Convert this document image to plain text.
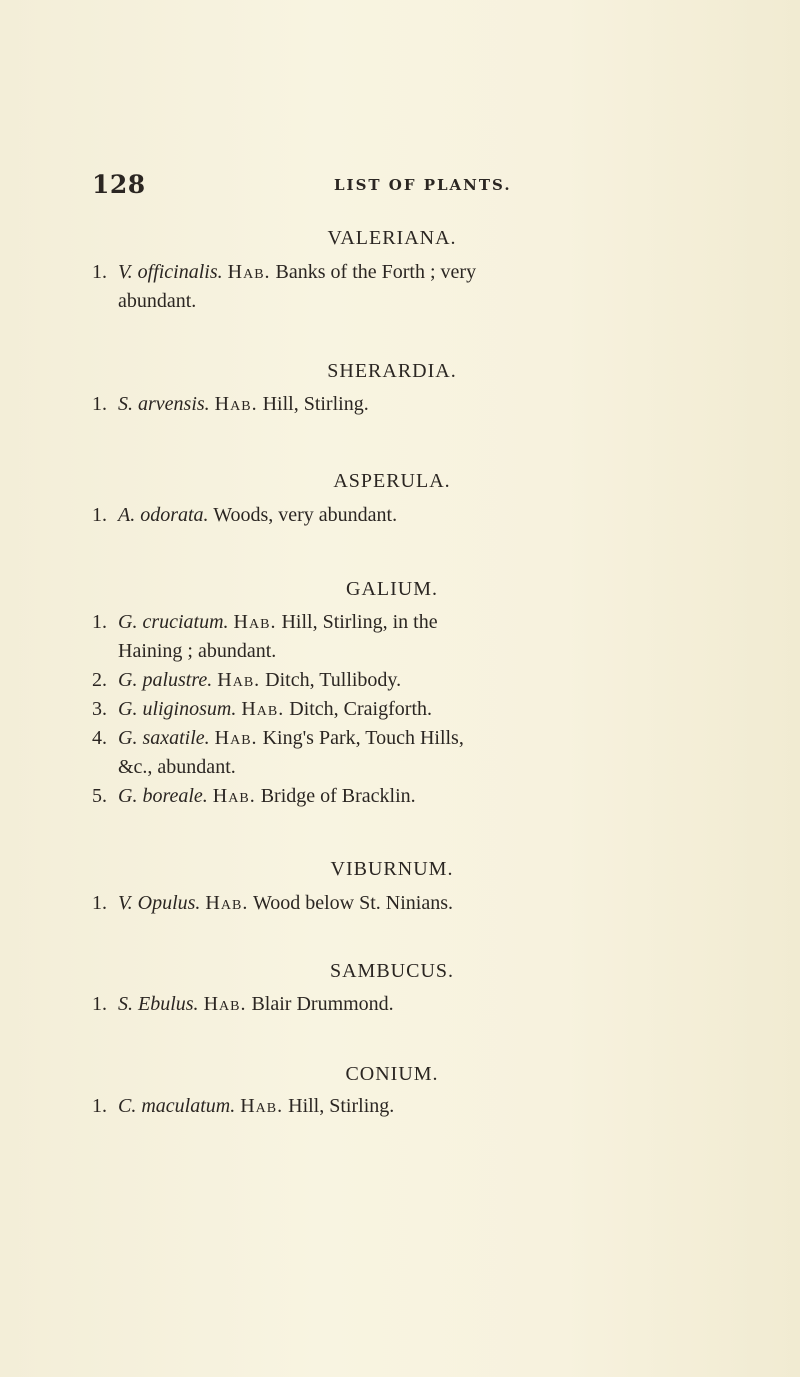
128	LIST OF PLANTS.
VALERIANA.
1. V. officinalis. Hab. Banks of the Forth ; very
abundant.
SHERARDIA.
1. S. arvensis. Hab. Hill, Stirling.
ASPERULA.
1. A. odorata. Woods, very abundant.
GALIUM.
1. G. cruciatum. Hab. Hill, Stirling, in the
Haining ; abundant.
2. G. palustre. Hab. Ditch, Tullibody.
3. G. uliginosum. Hab. Ditch, Craigforth.
4. G. saxatile. Hab. King's Park, Touch Hills,
&c., abundant.
5. G. boreale. Hab. Bridge of Bracklin.
VIBURNUM.
1. V. Opulus. Hab. Wood below St. Ninians.
SAMBUCUS.
1. S. Ebulus. Hab. Blair Drummond.
CONIUM.
1. C. maculatum. Hab. Hill, Stirling.
